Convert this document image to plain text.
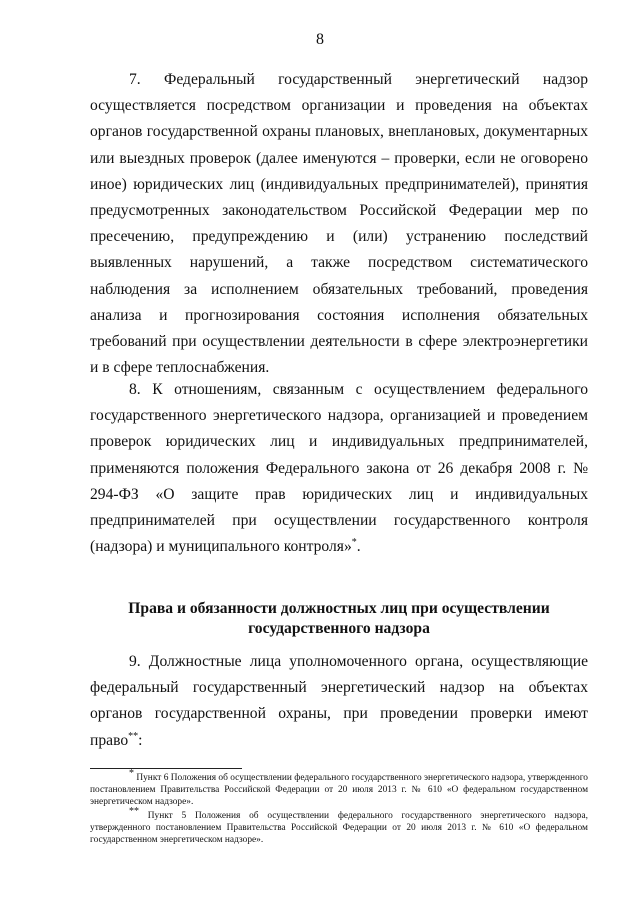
8

7. Федеральный государственный энергетический надзор осуществляется посредством организации и проведения на объектах органов государственной охраны плановых, внеплановых, документарных или выездных проверок (далее именуются – проверки, если не оговорено иное) юридических лиц (индивидуальных предпринимателей), принятия предусмотренных законодательством Российской Федерации мер по пресечению, предупреждению и (или) устранению последствий выявленных нарушений, а также посредством систематического наблюдения за исполнением обязательных требований, проведения анализа и прогнозирования состояния исполнения обязательных требований при осуществлении деятельности в сфере электроэнергетики и в сфере теплоснабжения.

8. К отношениям, связанным с осуществлением федерального государственного энергетического надзора, организацией и проведением проверок юридических лиц и индивидуальных предпринимателей, применяются положения Федерального закона от 26 декабря 2008 г. № 294-ФЗ «О защите прав юридических лиц и индивидуальных предпринимателей при осуществлении государственного контроля (надзора) и муниципального контроля»*.

Права и обязанности должностных лиц при осуществлении
государственного надзора

9. Должностные лица уполномоченного органа, осуществляющие федеральный государственный энергетический надзор на объектах органов государственной охраны, при проведении проверки имеют право**:

* Пункт 6 Положения об осуществлении федерального государственного энергетического надзора, утвержденного постановлением Правительства Российской Федерации от 20 июля 2013 г. № 610 «О федеральном государственном энергетическом надзоре».

** Пункт 5 Положения об осуществлении федерального государственного энергетического надзора, утвержденного постановлением Правительства Российской Федерации от 20 июля 2013 г. № 610 «О федеральном государственном энергетическом надзоре».
